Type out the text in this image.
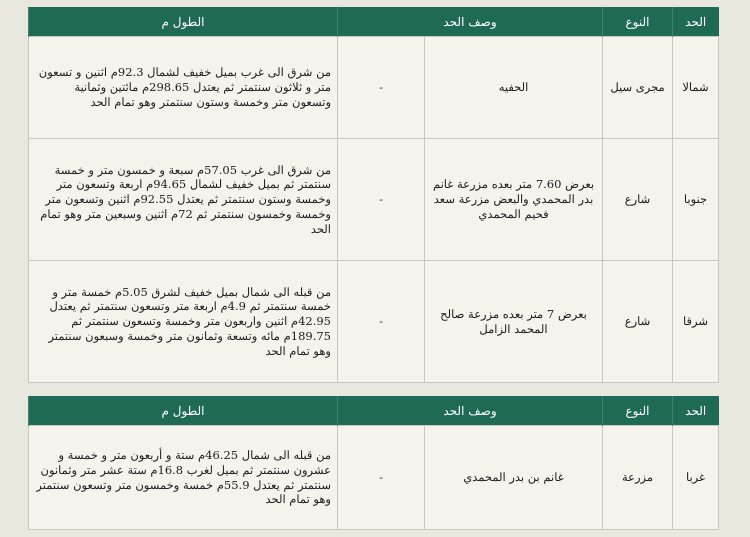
الحد	النوع	وصف الحد		الطول م
شمالا	مجرى سيل	الحفيه	-	من شرق الى غرب بميل خفيف لشمال 92.3م اثنين و تسعون متر و ثلاثون سنتمتر ثم يعتدل 298.65م مائتين وثمانية وتسعون متر وخمسة وستون سنتمتر وهو تمام الحد
جنوبا	شارع	بعرض 7.60 متر بعده مزرعة غانم بدر المحمدي والبعض مزرعة سعد فحيم المحمدي	-	من شرق الى غرب 57.05م سبعة و خمسون متر و خمسة سنتمتر ثم بميل خفيف لشمال 94.65م اربعة وتسعون متر وخمسة وستون سنتمتر ثم يعتدل 92.55م اثنين وتسعون متر وخمسة وخمسون سنتمتر ثم 72م اثنين وسبعين متر وهو تمام الحد
شرقا	شارع	بعرض 7 متر بعده مزرعة صالح المحمد الزامل	-	من قبله الى شمال بميل خفيف لشرق 5.05م خمسة متر و خمسة سنتمتر ثم 4.9م اربعة متر وتسعون سنتمتر ثم يعتدل 42.95م اثنين واربعون متر وخمسة وتسعون سنتمتر ثم 189.75م مائه وتسعة وثمانون متر وخمسة وسبعون سنتمتر وهو تمام الحد
الحد	النوع	وصف الحد		الطول م
غربا	مزرعة	غانم بن بدر المحمدي	-	من قبله الى شمال 46.25م ستة و أربعون متر و خمسة و عشرون سنتمتر ثم بميل لغرب 16.8م ستة عشر متر وثمانون سنتمتر ثم يعتدل 55.9م خمسة وخمسون متر وتسعون سنتمتر وهو تمام الحد
